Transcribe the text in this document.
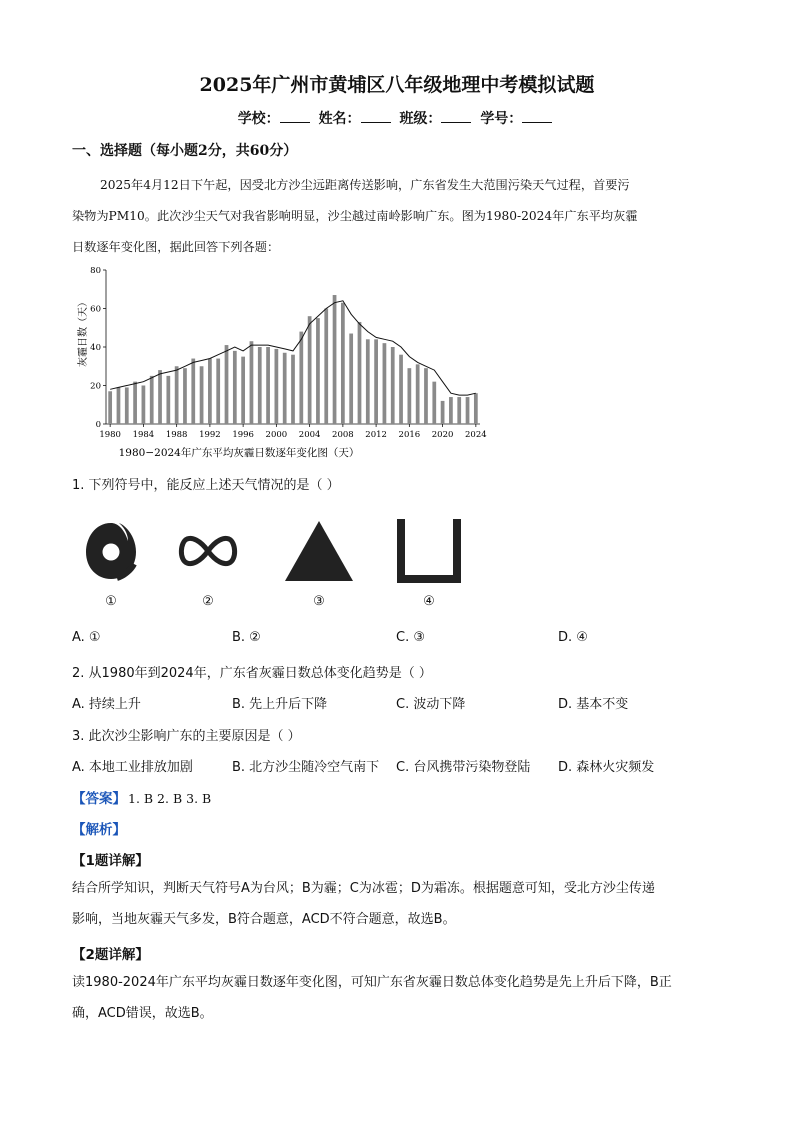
2025年广州市黄埔区八年级地理中考模拟试题
学校：	姓名：	班级：	学号：
一、选择题（每小题2分，共60分）

2025年4月12日下午起，因受北方沙尘远距离传送影响，广东省发生大范围污染天气过程，首要污

染物为PM10。此次沙尘天气对我省影响明显，沙尘越过南岭影响广东。图为1980-2024年广东平均灰霾
日数逐年变化图，据此回答下列各题：
0
20
40
60
80
1980 1984 1988 1992 1996 2000 2004 2008 2012 2016 2020 2024
灰霾日数（天）
1980−2024年广东平均灰霾日数逐年变化图（天）
1. 下列符号中，能反应上述天气情况的是（ ）
①	②	③	④
A. ①	B. ②	C. ③	D. ④
2. 从1980年到2024年，广东省灰霾日数总体变化趋势是（ ）
A. 持续上升	B. 先上升后下降	C. 波动下降	D. 基本不变
3. 此次沙尘影响广东的主要原因是（ ）
A. 本地工业排放加剧	B. 北方沙尘随冷空气南下 C. 台风携带污染物登陆 D. 森林火灾频发
【答案】 1. B 2. B 3. B
【解析】
【1题详解】

结合所学知识，判断天气符号A为台风；B为霾；C为冰雹；D为霜冻。根据题意可知，受北方沙尘传递

影响，当地灰霾天气多发，B符合题意，ACD不符合题意，故选B。

【2题详解】

读1980-2024年广东平均灰霾日数逐年变化图，可知广东省灰霾日数总体变化趋势是先上升后下降，B正

确，ACD错误，故选B。
